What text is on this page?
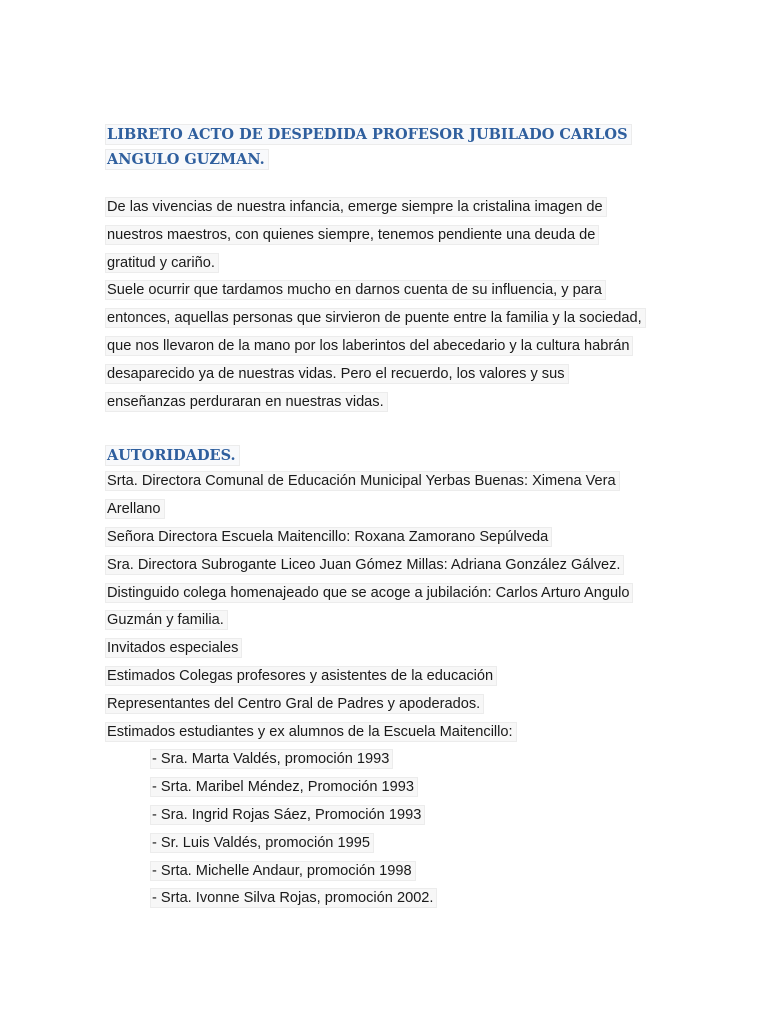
LIBRETO ACTO DE DESPEDIDA PROFESOR JUBILADO CARLOS
ANGULO GUZMAN.
De las vivencias de nuestra infancia, emerge siempre la cristalina imagen de
nuestros maestros, con quienes siempre, tenemos pendiente una deuda de
gratitud y cariño.
Suele ocurrir que tardamos mucho en darnos cuenta de su influencia, y para
entonces, aquellas personas que sirvieron de puente entre la familia y la sociedad,
que nos llevaron de la mano por los laberintos del abecedario y la cultura habrán
desaparecido ya de nuestras vidas. Pero el recuerdo, los valores y sus
enseñanzas perduraran en nuestras vidas.
AUTORIDADES.
Srta. Directora Comunal de Educación Municipal Yerbas Buenas: Ximena Vera
Arellano
Señora Directora Escuela Maitencillo: Roxana Zamorano Sepúlveda
Sra. Directora Subrogante Liceo Juan Gómez Millas: Adriana González Gálvez.
Distinguido colega homenajeado que se acoge a jubilación: Carlos Arturo Angulo
Guzmán y familia.
Invitados especiales
Estimados Colegas profesores y asistentes de la educación
Representantes del Centro Gral de Padres y apoderados.
Estimados estudiantes y ex alumnos de la Escuela Maitencillo:
- Sra. Marta Valdés, promoción 1993
- Srta. Maribel Méndez, Promoción 1993
- Sra. Ingrid Rojas Sáez, Promoción 1993
- Sr. Luis Valdés, promoción 1995
- Srta. Michelle Andaur, promoción 1998
- Srta. Ivonne Silva Rojas, promoción 2002.
